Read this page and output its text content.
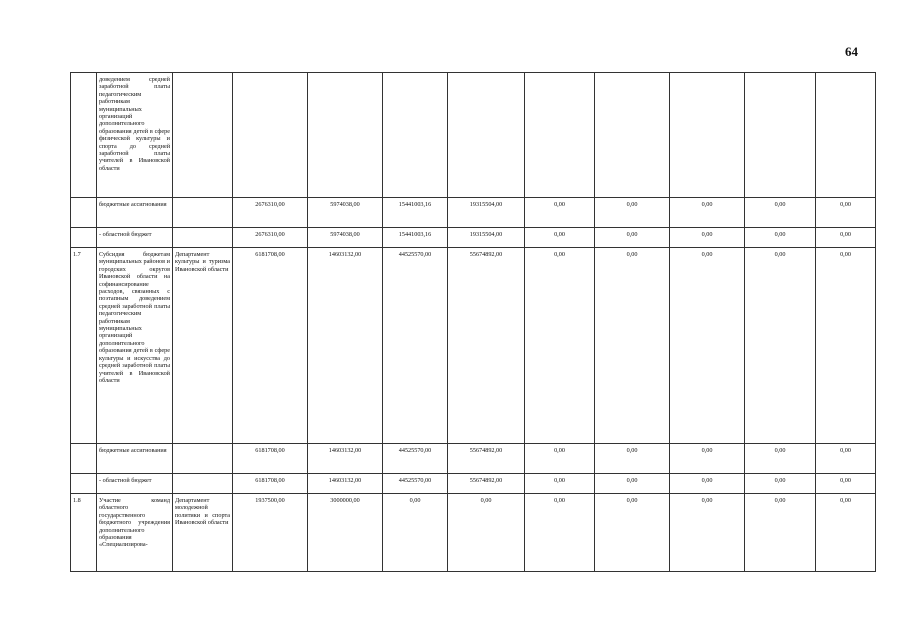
64
	доведением средней заработной платы педагогическим работникам муниципальных организаций дополнительного образования детей в сфере физической культуры и спорта до средней заработной платы учителей в Ивановской области										
	бюджетные ассигнования		2676310,00	5974038,00	15441003,16	19315504,00	0,00	0,00	0,00	0,00	0,00
	- областной бюджет		2676310,00	5974038,00	15441003,16	19315504,00	0,00	0,00	0,00	0,00	0,00
1.7	Субсидия бюджетам муниципальных районов и городских округов Ивановской области на софинансирование расходов, связанных с поэтапным доведением средней заработной платы педагогическим работникам муниципальных организаций дополнительного образования детей в сфере культуры и искусства до средней заработной платы учителей в Ивановской области	Департамент культуры и туризма Ивановской области	6181708,00	14603132,00	44525570,00	55674892,00	0,00	0,00	0,00	0,00	0,00
	бюджетные ассигнования		6181708,00	14603132,00	44525570,00	55674892,00	0,00	0,00	0,00	0,00	0,00
	- областной бюджет		6181708,00	14603132,00	44525570,00	55674892,00	0,00	0,00	0,00	0,00	0,00
1.8	Участие команд областного государственного бюджетного учреждения дополнительного образования «Специализирова-	Департамент молодежной политики и спорта Ивановской области	1937500,00	3000000,00	0,00	0,00	0,00	0,00	0,00	0,00	0,00
